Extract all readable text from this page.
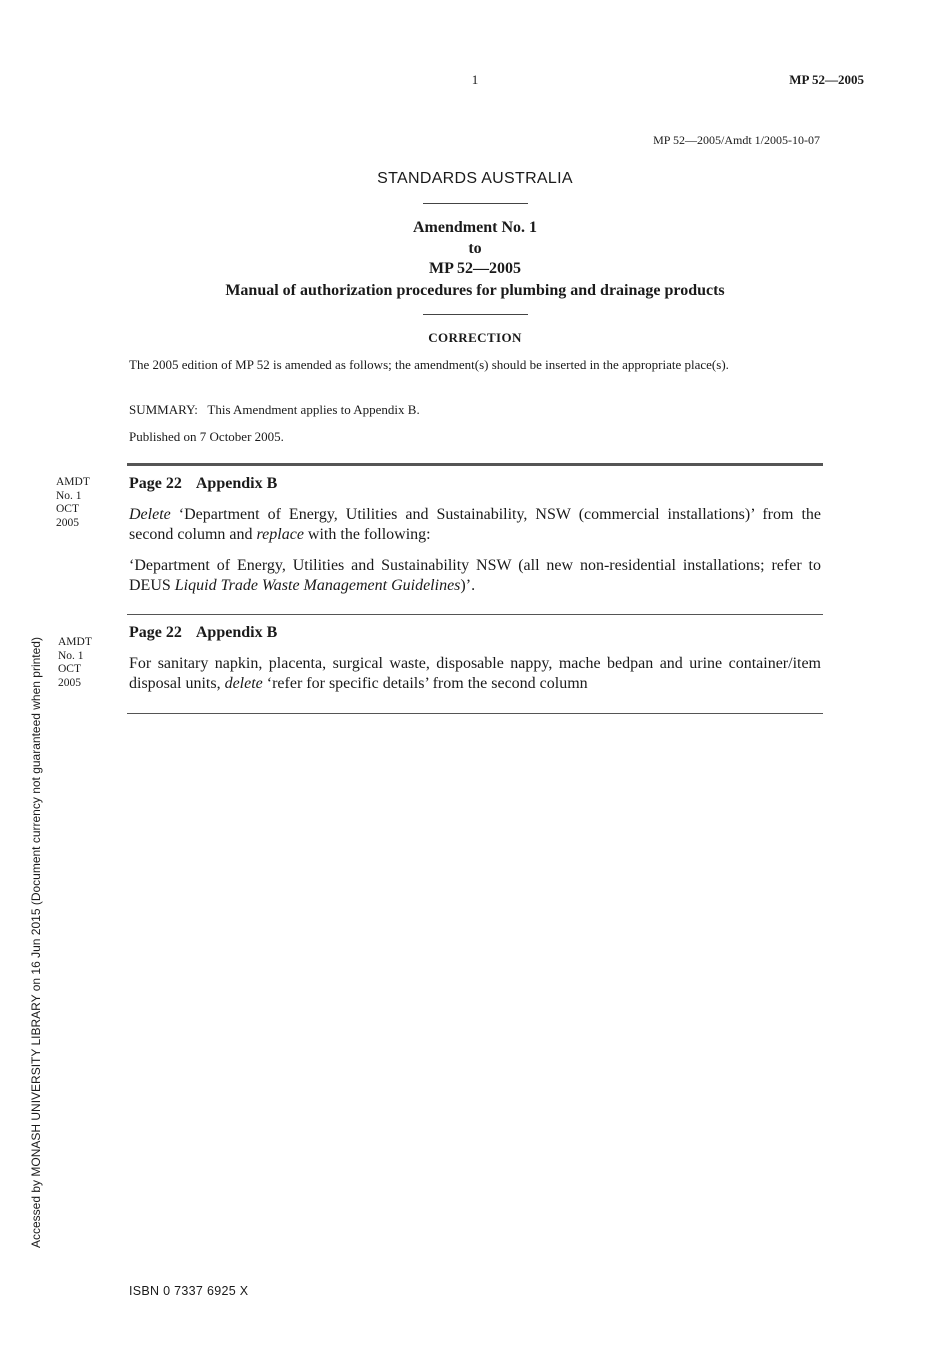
1	MP 52—2005
MP 52—2005/Amdt 1/2005-10-07
STANDARDS AUSTRALIA
Amendment No. 1
to
MP 52—2005
Manual of authorization procedures for plumbing and drainage products
CORRECTION
The 2005 edition of MP 52 is amended as follows; the amendment(s) should be inserted in the appropriate place(s).
SUMMARY:   This Amendment applies to Appendix B.
Published on 7 October 2005.
AMDT
No. 1
OCT
2005
Page 22 Appendix B
Delete ‘Department of Energy, Utilities and Sustainability, NSW (commercial installations)’ from the second column and replace with the following:
‘Department of Energy, Utilities and Sustainability NSW (all new non-residential installations; refer to DEUS Liquid Trade Waste Management Guidelines)’.
AMDT
No. 1
OCT
2005
Page 22 Appendix B
For sanitary napkin, placenta, surgical waste, disposable nappy, mache bedpan and urine container/item disposal units, delete ‘refer for specific details’ from the second column
Accessed by MONASH UNIVERSITY LIBRARY on 16 Jun 2015 (Document currency not guaranteed when printed)
ISBN 0 7337 6925 X
